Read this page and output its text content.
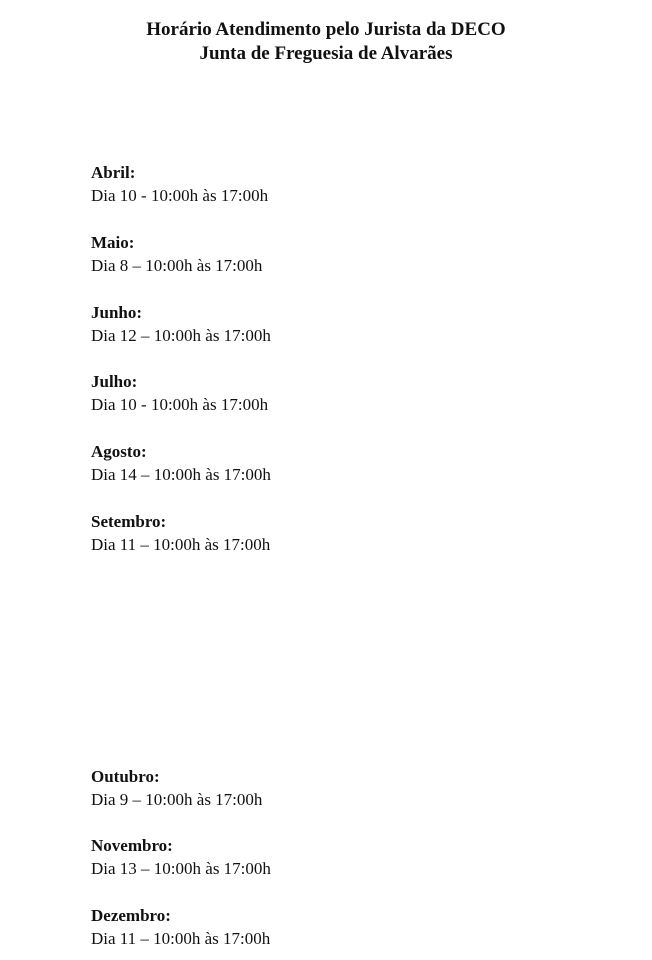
Horário Atendimento pelo Jurista da DECO
Junta de Freguesia de Alvarães
Abril:
Dia 10 - 10:00h às 17:00h
Maio:
Dia 8 – 10:00h às 17:00h
Junho:
Dia 12 – 10:00h às 17:00h
Julho:
Dia 10 - 10:00h às 17:00h
Agosto:
Dia 14 – 10:00h às 17:00h
Setembro:
Dia 11 – 10:00h às 17:00h
Outubro:
Dia 9 – 10:00h às 17:00h
Novembro:
Dia 13 – 10:00h às 17:00h
Dezembro:
Dia 11 – 10:00h às 17:00h
